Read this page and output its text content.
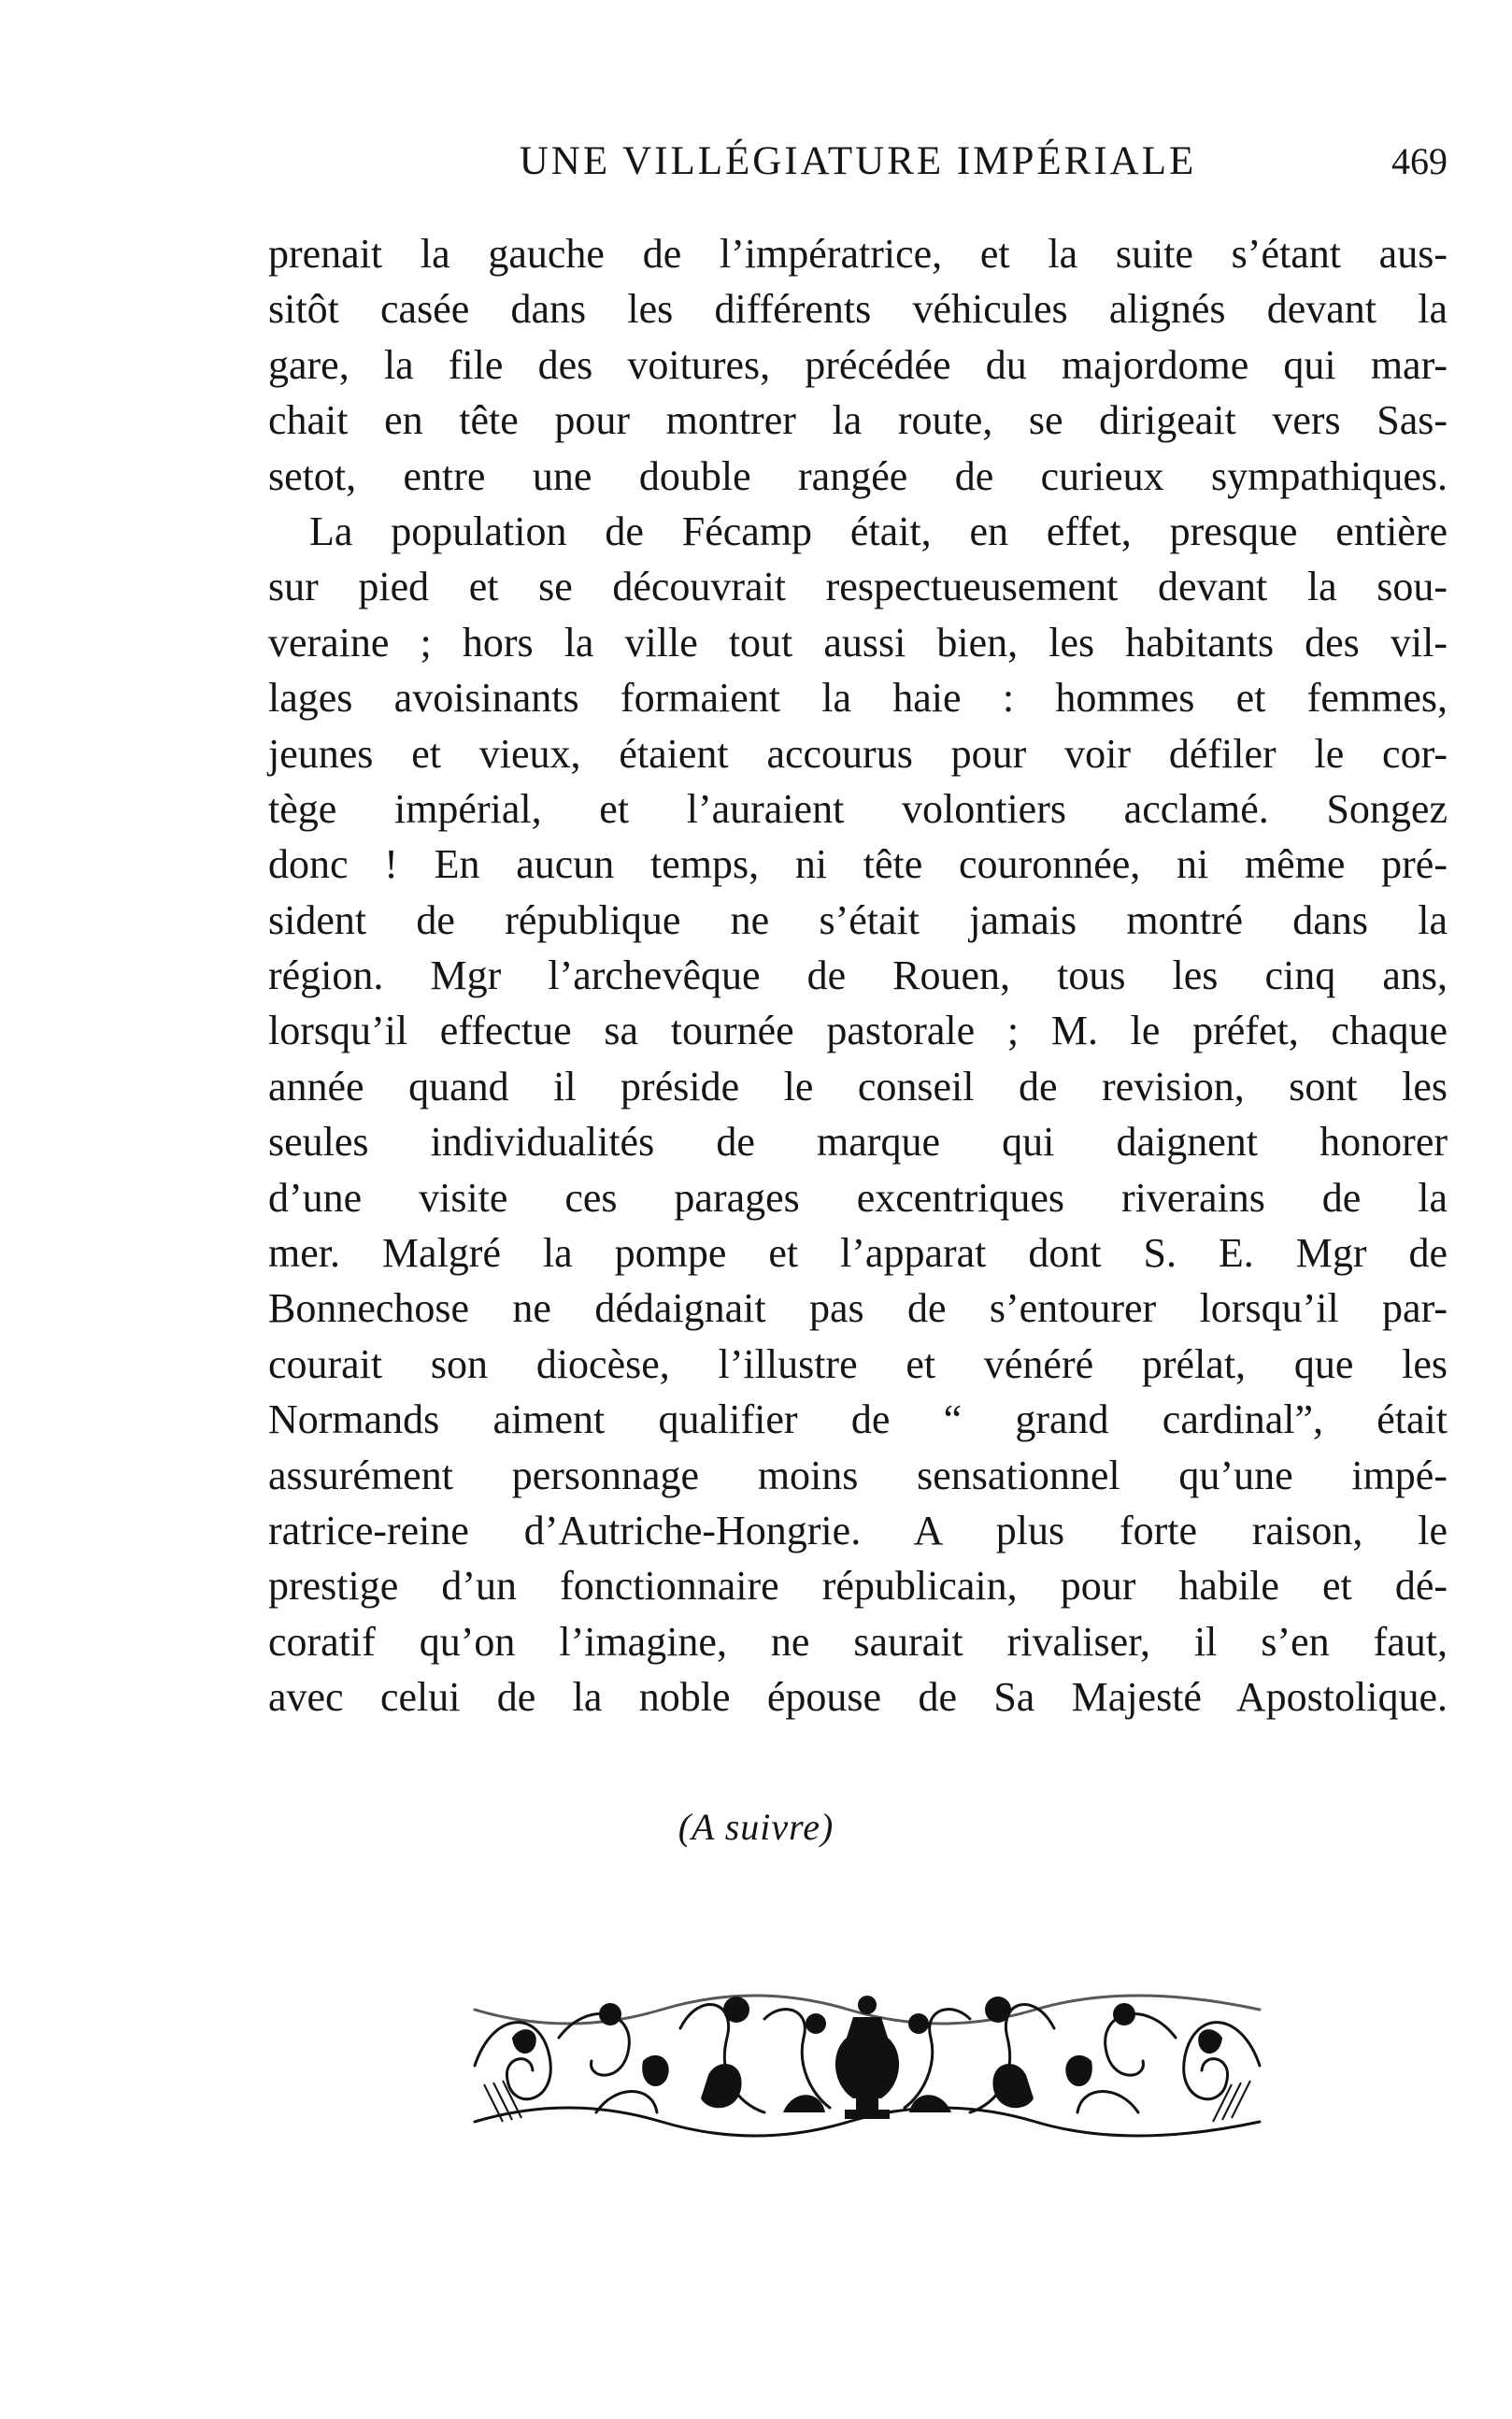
UNE VILLÉGIATURE IMPÉRIALE	469
prenait la gauche de l’impératrice, et la suite s’étant aus-
sitôt casée dans les différents véhicules alignés devant la
gare, la file des voitures, précédée du majordome qui mar-
chait en tête pour montrer la route, se dirigeait vers Sas-
setot, entre une double rangée de curieux sympathiques.
La population de Fécamp était, en effet, presque entière
sur pied et se découvrait respectueusement devant la sou-
veraine ; hors la ville tout aussi bien, les habitants des vil-
lages avoisinants formaient la haie : hommes et femmes,
jeunes et vieux, étaient accourus pour voir défiler le cor-
tège impérial, et l’auraient volontiers acclamé. Songez
donc ! En aucun temps, ni tête couronnée, ni même pré-
sident de république ne s’était jamais montré dans la
région. Mgr l’archevêque de Rouen, tous les cinq ans,
lorsqu’il effectue sa tournée pastorale ; M. le préfet, chaque
année quand il préside le conseil de revision, sont les
seules individualités de marque qui daignent honorer
d’une visite ces parages excentriques riverains de la
mer. Malgré la pompe et l’apparat dont S. E. Mgr de
Bonnechose ne dédaignait pas de s’entourer lorsqu’il par-
courait son diocèse, l’illustre et vénéré prélat, que les
Normands aiment qualifier de “ grand cardinal”, était
assurément personnage moins sensationnel qu’une impé-
ratrice-reine d’Autriche-Hongrie. A plus forte raison, le
prestige d’un fonctionnaire républicain, pour habile et dé-
coratif qu’on l’imagine, ne saurait rivaliser, il s’en faut,
avec celui de la noble épouse de Sa Majesté Apostolique.
(A suivre)
